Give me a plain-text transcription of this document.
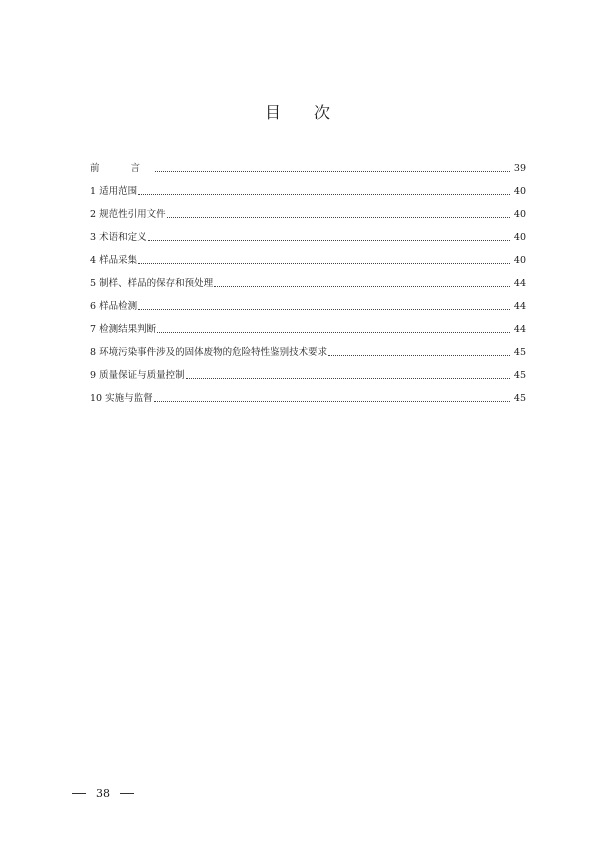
目 次
前 言	39
1 适用范围	40
2 规范性引用文件	40
3 术语和定义	40
4 样品采集	40
5 制样、样品的保存和预处理	44
6 样品检测	44
7 检测结果判断	44
8 环境污染事件涉及的固体废物的危险特性鉴别技术要求	45
9 质量保证与质量控制	45
10 实施与监督	45
38
